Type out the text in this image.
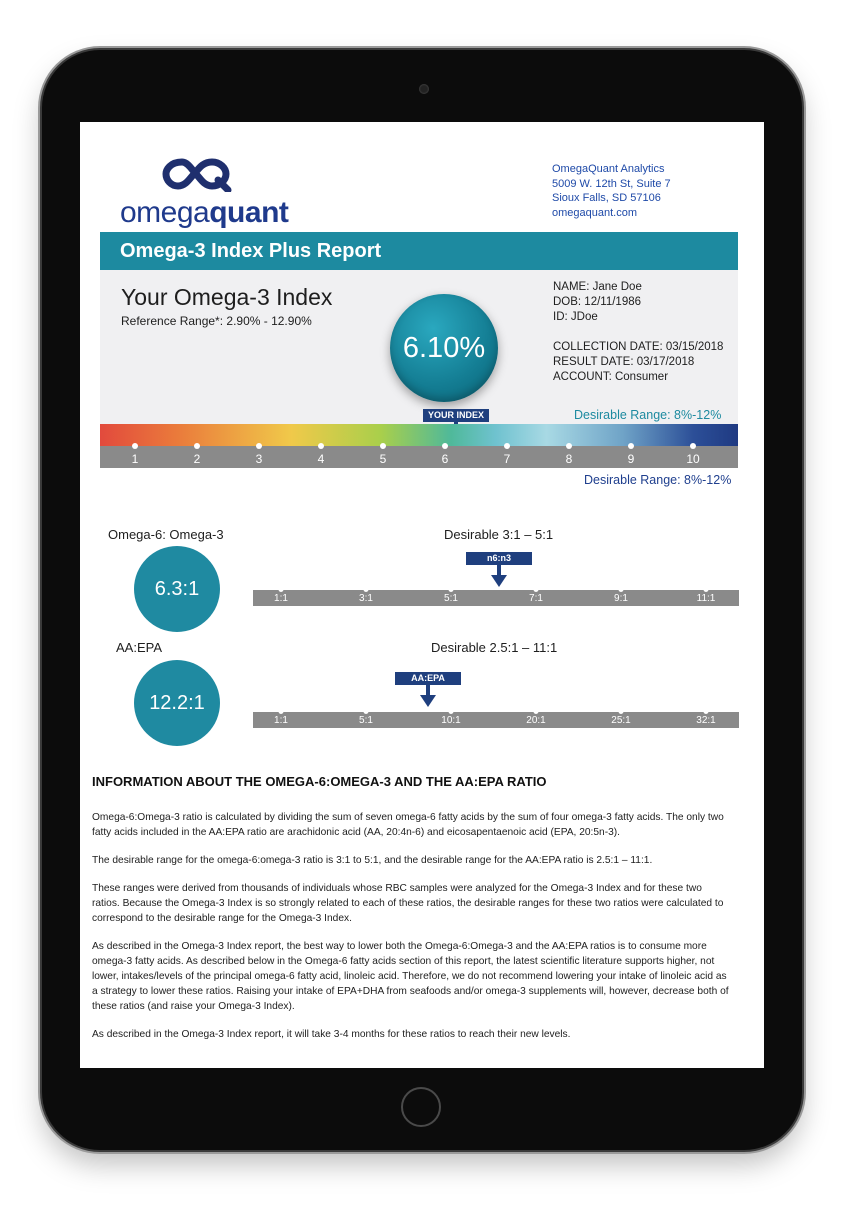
omegaquant
OmegaQuant Analytics
5009 W. 12th St, Suite 7
Sioux Falls, SD 57106
omegaquant.com
Omega-3 Index Plus Report
Your Omega-3 Index
Reference Range*: 2.90% - 12.90%
6.10%
NAME: Jane Doe
DOB: 12/11/1986
ID: JDoe
COLLECTION DATE: 03/15/2018
RESULT DATE: 03/17/2018
ACCOUNT: Consumer
YOUR INDEX	Desirable Range: 8%-12%
1	2	3	4	5	6	7	8	9	10
Desirable Range: 8%-12%
Omega-6: Omega-3	Desirable 3:1 – 5:1
6.3:1
n6:n3
1:1	3:1	5:1	7:1	9:1	11:1
AA:EPA	Desirable 2.5:1 – 11:1
12.2:1
AA:EPA
1:1	5:1	10:1	20:1	25:1	32:1
INFORMATION ABOUT THE OMEGA-6:OMEGA-3 AND THE AA:EPA RATIO

Omega-6:Omega-3 ratio is calculated by dividing the sum of seven omega-6 fatty acids by the sum of four omega-3 fatty acids. The only two fatty acids included in the AA:EPA ratio are arachidonic acid (AA, 20:4n-6) and eicosapentaenoic acid (EPA, 20:5n-3).

The desirable range for the omega-6:omega-3 ratio is 3:1 to 5:1, and the desirable range for the AA:EPA ratio is 2.5:1 – 11:1.

These ranges were derived from thousands of individuals whose RBC samples were analyzed for the Omega-3 Index and for these two ratios. Because the Omega-3 Index is so strongly related to each of these ratios, the desirable ranges for these two ratios were calculated to correspond to the desirable range for the Omega-3 Index.

As described in the Omega-3 Index report, the best way to lower both the Omega-6:Omega-3 and the AA:EPA ratios is to consume more omega-3 fatty acids. As described below in the Omega-6 fatty acids section of this report, the latest scientific literature supports higher, not lower, intakes/levels of the principal omega-6 fatty acid, linoleic acid. Therefore, we do not recommend lowering your intake of linoleic acid as a strategy to lower these ratios. Raising your intake of EPA+DHA from seafoods and/or omega-3 supplements will, however, decrease both of these ratios (and raise your Omega-3 Index).

As described in the Omega-3 Index report, it will take 3-4 months for these ratios to reach their new levels.
